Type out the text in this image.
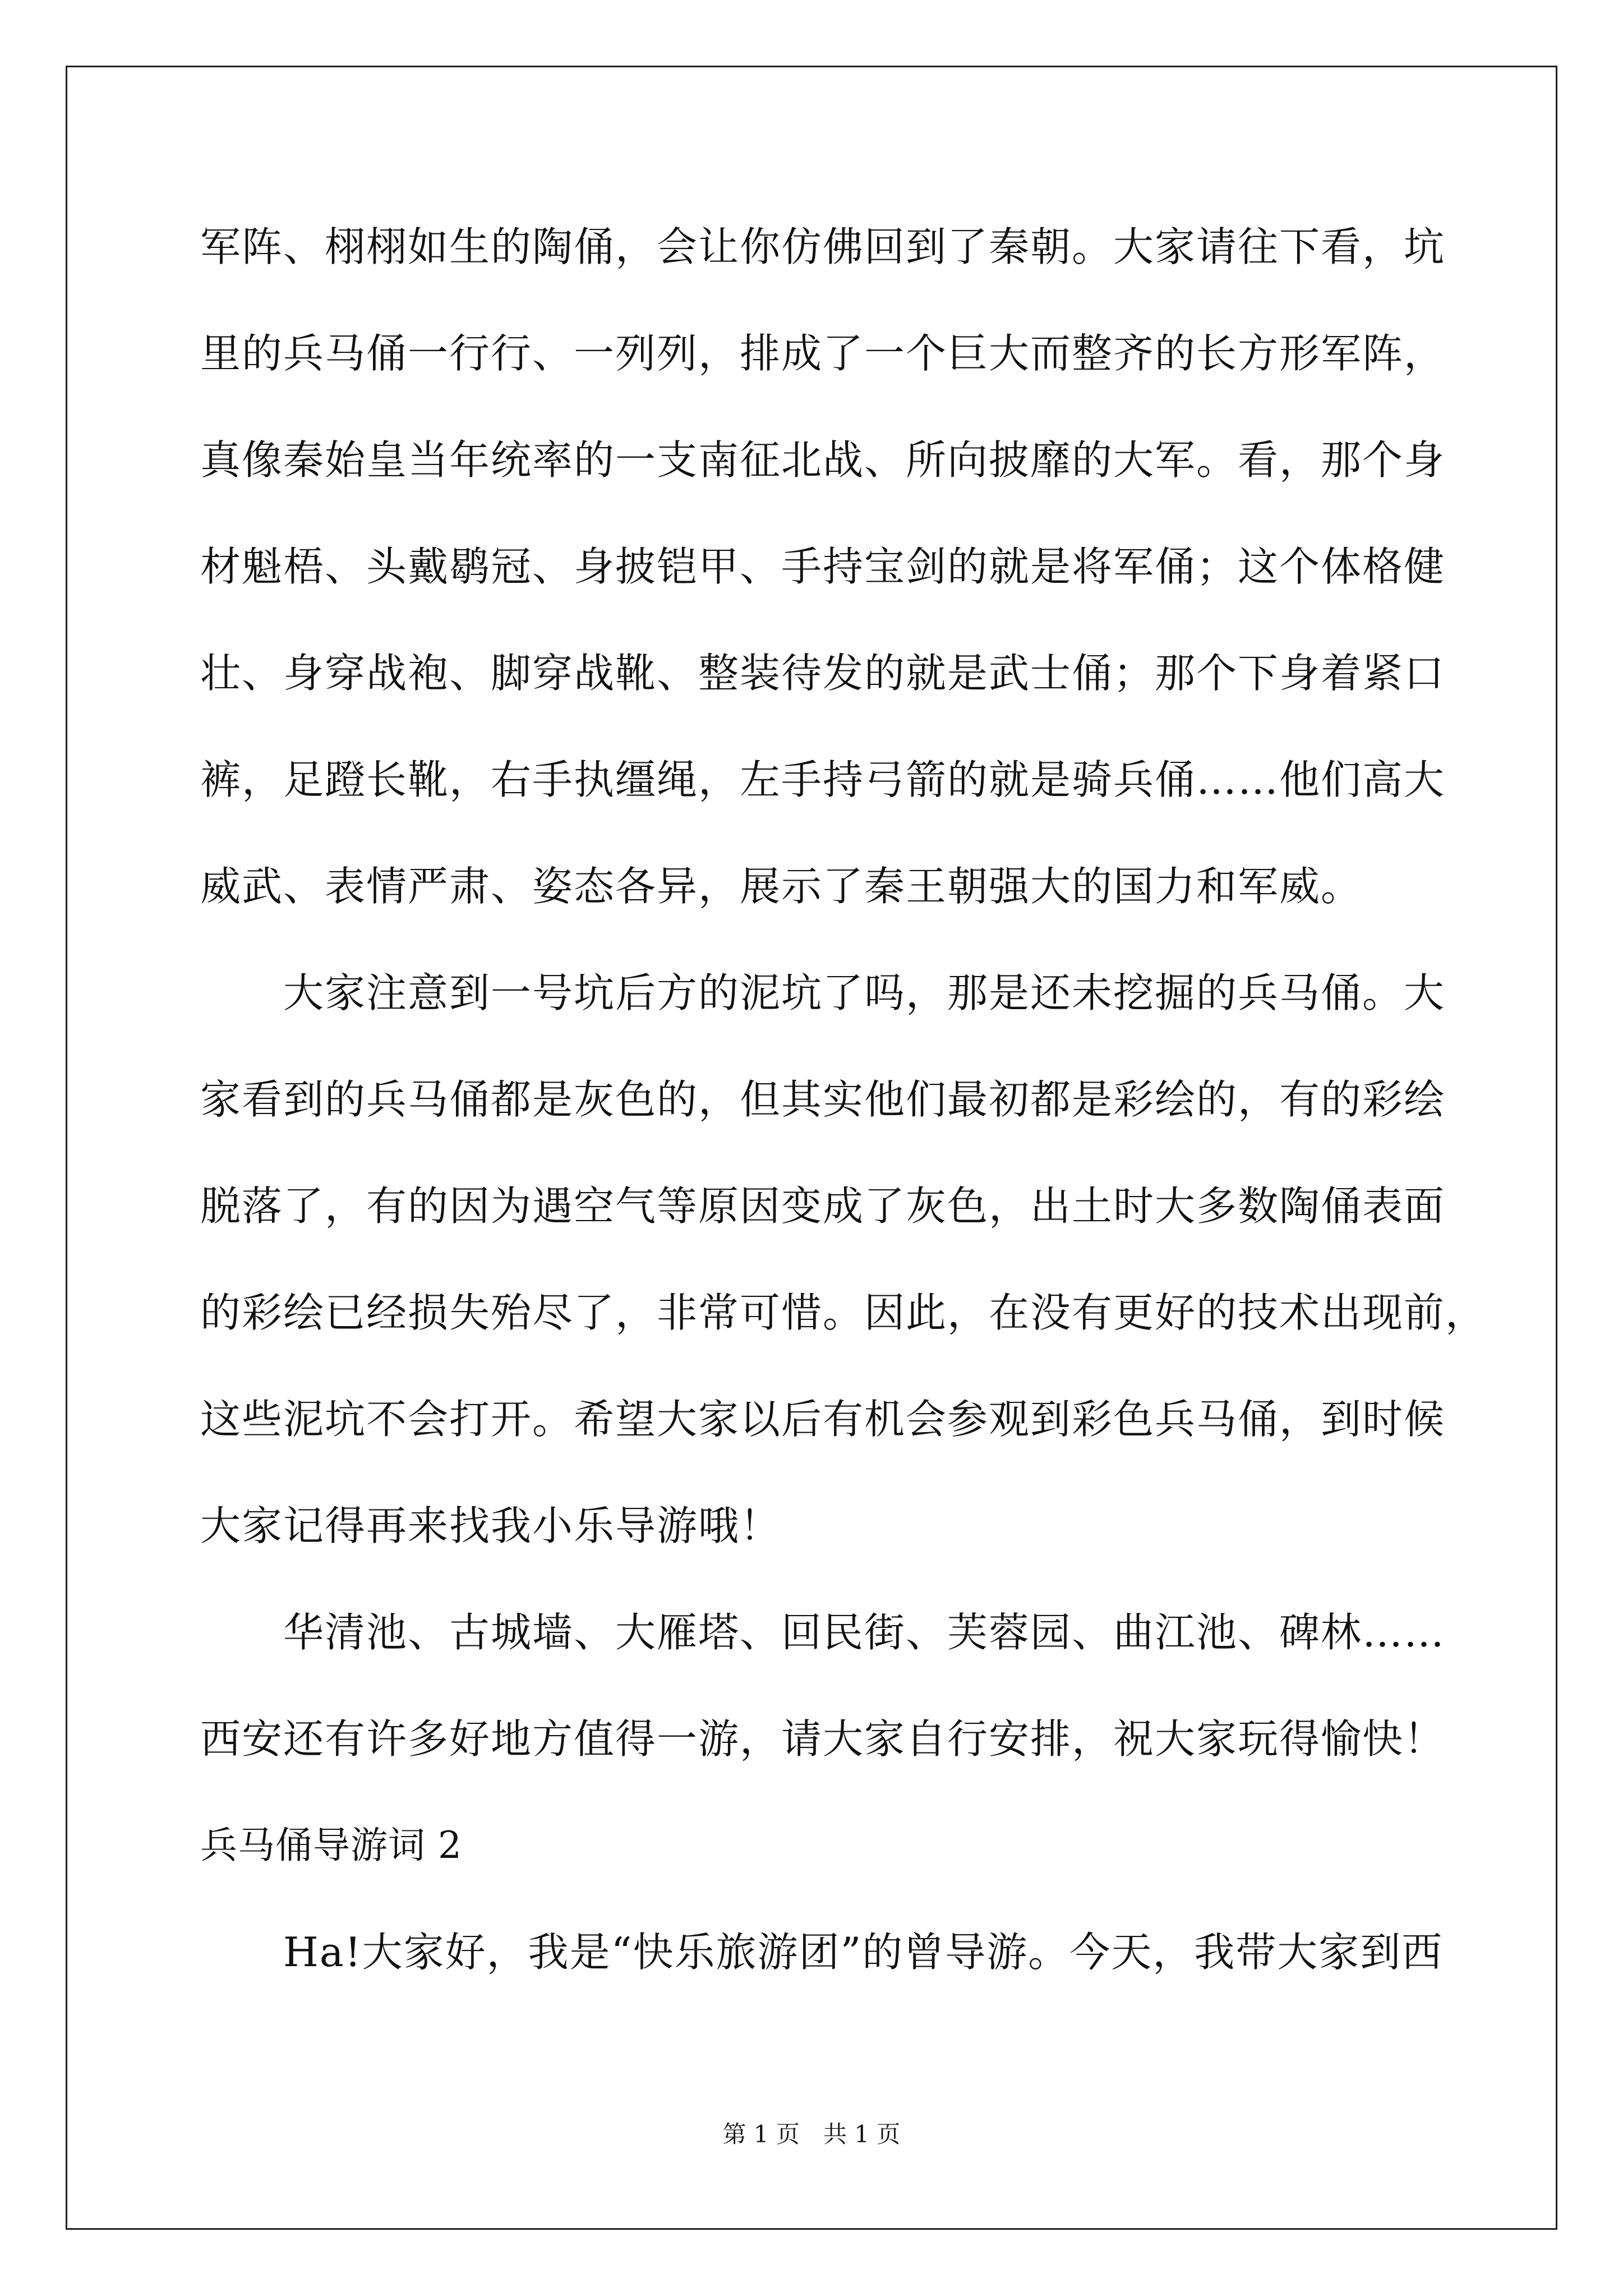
军阵、栩栩如生的陶俑，会让你仿佛回到了秦朝。大家请往下看，坑
里的兵马俑一行行、一列列，排成了一个巨大而整齐的长方形军阵，
真像秦始皇当年统率的一支南征北战、所向披靡的大军。看，那个身
材魁梧、头戴鹖冠、身披铠甲、手持宝剑的就是将军俑；这个体格健
壮、身穿战袍、脚穿战靴、整装待发的就是武士俑；那个下身着紧口
裤，足蹬长靴，右手执缰绳，左手持弓箭的就是骑兵俑……他们高大
威武、表情严肃、姿态各异，展示了秦王朝强大的国力和军威。
　　大家注意到一号坑后方的泥坑了吗，那是还未挖掘的兵马俑。大
家看到的兵马俑都是灰色的，但其实他们最初都是彩绘的，有的彩绘
脱落了，有的因为遇空气等原因变成了灰色，出土时大多数陶俑表面
的彩绘已经损失殆尽了，非常可惜。因此，在没有更好的技术出现前，
这些泥坑不会打开。希望大家以后有机会参观到彩色兵马俑，到时候
大家记得再来找我小乐导游哦！
　　华清池、古城墙、大雁塔、回民街、芙蓉园、曲江池、碑林……
西安还有许多好地方值得一游，请大家自行安排，祝大家玩得愉快！
兵马俑导游词 2
　　Ha!大家好，我是“快乐旅游团”的曾导游。今天，我带大家到西
第 1 页　共 1 页
